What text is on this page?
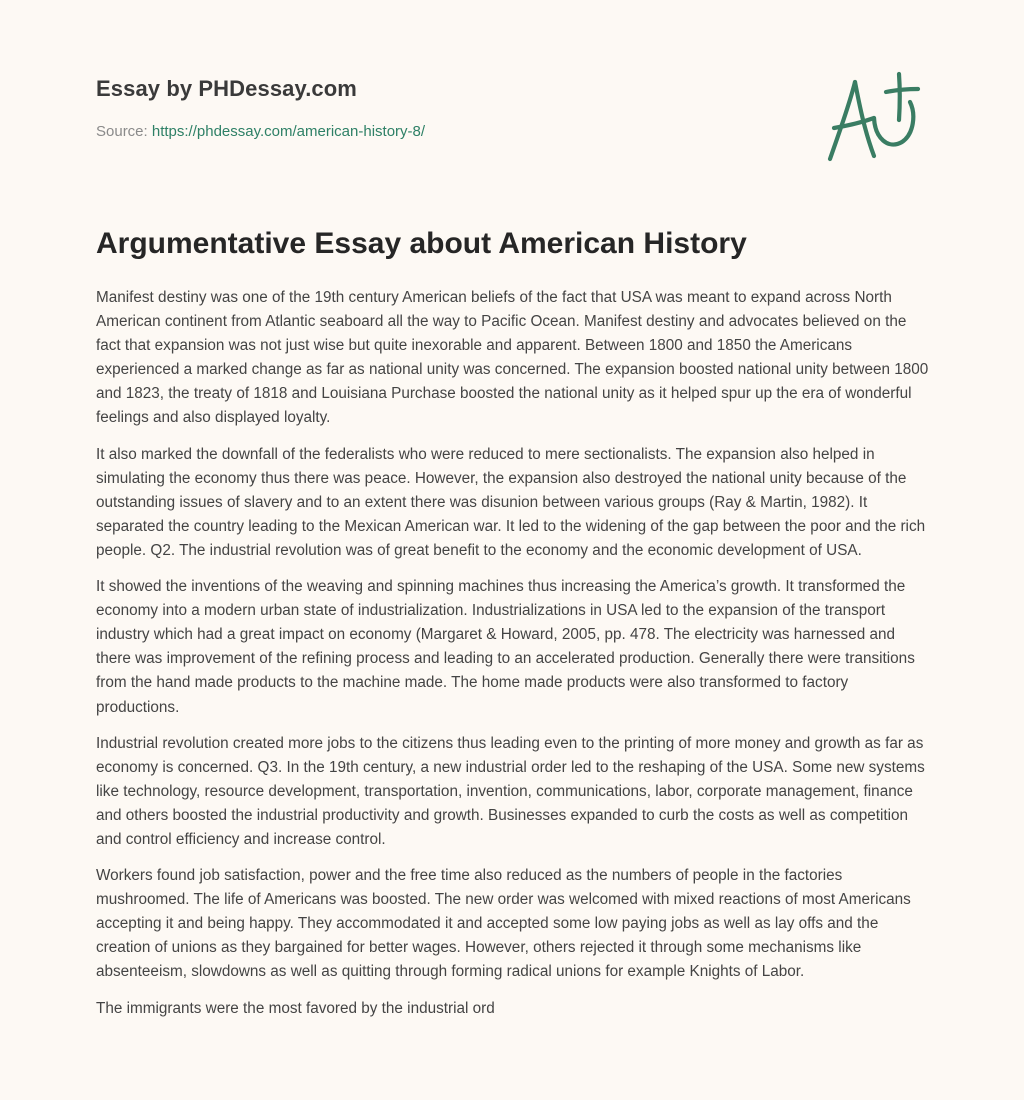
Essay by PHDessay.com
Source: https://phdessay.com/american-history-8/
Argumentative Essay about American History

Manifest destiny was one of the 19th century American beliefs of the fact that USA was meant to expand across North American continent from Atlantic seaboard all the way to Pacific Ocean. Manifest destiny and advocates believed on the fact that expansion was not just wise but quite inexorable and apparent. Between 1800 and 1850 the Americans experienced a marked change as far as national unity was concerned. The expansion boosted national unity between 1800 and 1823, the treaty of 1818 and Louisiana Purchase boosted the national unity as it helped spur up the era of wonderful feelings and also displayed loyalty.

It also marked the downfall of the federalists who were reduced to mere sectionalists. The expansion also helped in simulating the economy thus there was peace. However, the expansion also destroyed the national unity because of the outstanding issues of slavery and to an extent there was disunion between various groups (Ray & Martin, 1982). It separated the country leading to the Mexican American war. It led to the widening of the gap between the poor and the rich people. Q2. The industrial revolution was of great benefit to the economy and the economic development of USA.

It showed the inventions of the weaving and spinning machines thus increasing the America’s growth. It transformed the economy into a modern urban state of industrialization. Industrializations in USA led to the expansion of the transport industry which had a great impact on economy (Margaret & Howard, 2005, pp. 478. The electricity was harnessed and there was improvement of the refining process and leading to an accelerated production. Generally there were transitions from the hand made products to the machine made. The home made products were also transformed to factory productions.

Industrial revolution created more jobs to the citizens thus leading even to the printing of more money and growth as far as economy is concerned. Q3. In the 19th century, a new industrial order led to the reshaping of the USA. Some new systems like technology, resource development, transportation, invention, communications, labor, corporate management, finance and others boosted the industrial productivity and growth. Businesses expanded to curb the costs as well as competition and control efficiency and increase control.

Workers found job satisfaction, power and the free time also reduced as the numbers of people in the factories mushroomed. The life of Americans was boosted. The new order was welcomed with mixed reactions of most Americans accepting it and being happy. They accommodated it and accepted some low paying jobs as well as lay offs and the creation of unions as they bargained for better wages. However, others rejected it through some mechanisms like absenteeism, slowdowns as well as quitting through forming radical unions for example Knights of Labor.

The immigrants were the most favored by the industrial ord
